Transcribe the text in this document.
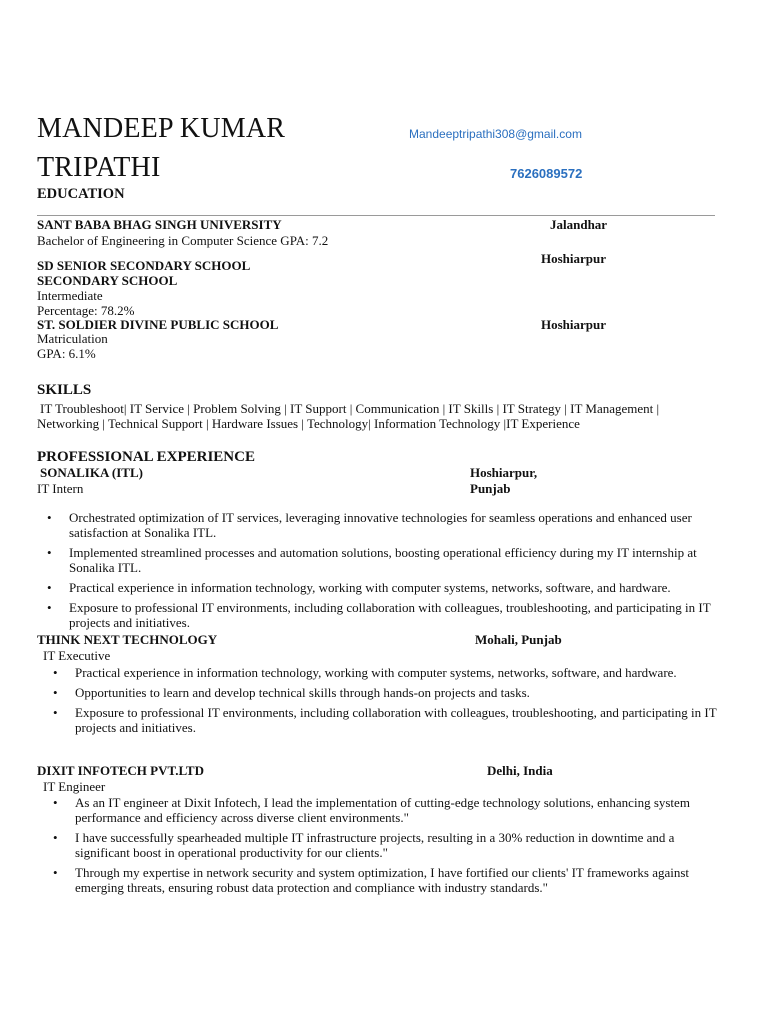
MANDEEP KUMAR
TRIPATHI
Mandeeptripathi308@gmail.com
7626089572
EDUCATION
SANT BABA BHAG SINGH UNIVERSITY	Jalandhar
Bachelor of Engineering in Computer Science GPA: 7.2
SD SENIOR SECONDARY SCHOOL	Hoshiarpur
SECONDARY SCHOOL
Intermediate
Percentage: 78.2%
ST. SOLDIER DIVINE PUBLIC SCHOOL	Hoshiarpur
Matriculation
GPA: 6.1%
SKILLS
IT Troubleshoot| IT Service | Problem Solving | IT Support | Communication | IT Skills | IT Strategy | IT Management |
Networking | Technical Support | Hardware Issues | Technology| Information Technology |IT Experience
PROFESSIONAL EXPERIENCE
SONALIKA (ITL)	Hoshiarpur,
Punjab
IT Intern
• Orchestrated optimization of IT services, leveraging innovative technologies for seamless operations and enhanced user satisfaction at Sonalika ITL.
• Implemented streamlined processes and automation solutions, boosting operational efficiency during my IT internship at Sonalika ITL.
• Practical experience in information technology, working with computer systems, networks, software, and hardware.
• Exposure to professional IT environments, including collaboration with colleagues, troubleshooting, and participating in IT projects and initiatives.
THINK NEXT TECHNOLOGY	Mohali, Punjab
IT Executive
• Practical experience in information technology, working with computer systems, networks, software, and hardware.
• Opportunities to learn and develop technical skills through hands-on projects and tasks.
• Exposure to professional IT environments, including collaboration with colleagues, troubleshooting, and participating in IT projects and initiatives.
DIXIT INFOTECH PVT.LTD	Delhi, India
IT Engineer
• As an IT engineer at Dixit Infotech, I lead the implementation of cutting-edge technology solutions, enhancing system performance and efficiency across diverse client environments."
• I have successfully spearheaded multiple IT infrastructure projects, resulting in a 30% reduction in downtime and a significant boost in operational productivity for our clients."
• Through my expertise in network security and system optimization, I have fortified our clients' IT frameworks against emerging threats, ensuring robust data protection and compliance with industry standards."
